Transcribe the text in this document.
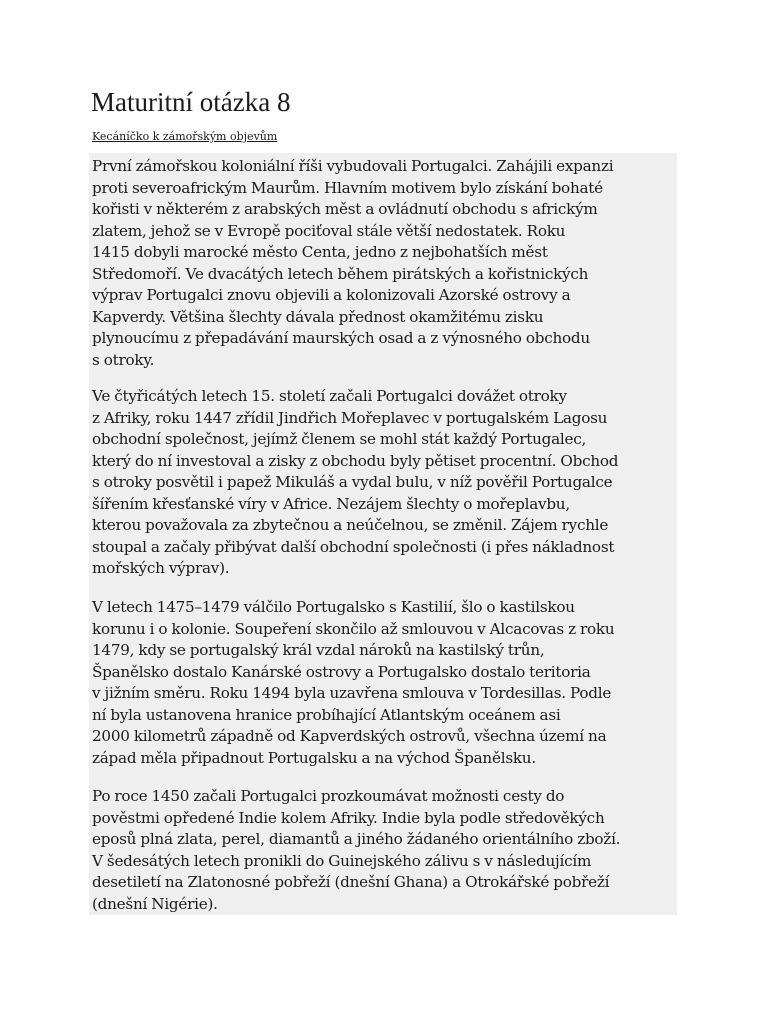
Maturitní otázka 8
Kecáníčko k zámořským objevům

První zámořskou koloniální říši vybudovali Portugalci. Zahájili expanzi
proti severoafrickým Maurům. Hlavním motivem bylo získání bohaté
kořisti v některém z arabských měst a ovládnutí obchodu s africkým
zlatem, jehož se v Evropě pociťoval stále větší nedostatek. Roku
1415 dobyli marocké město Centa, jedno z nejbohatších měst
Středomoří. Ve dvacátých letech během pirátských a kořistnických
výprav Portugalci znovu objevili a kolonizovali Azorské ostrovy a
Kapverdy. Většina šlechty dávala přednost okamžitému zisku
plynoucímu z přepadávání maurských osad a z výnosného obchodu
s otroky.

Ve čtyřicátých letech 15. století začali Portugalci dovážet otroky
z Afriky, roku 1447 zřídil Jindřich Mořeplavec v portugalském Lagosu
obchodní společnost, jejímž členem se mohl stát každý Portugalec,
který do ní investoval a zisky z obchodu byly pětiset procentní. Obchod
s otroky posvětil i papež Mikuláš a vydal bulu, v níž pověřil Portugalce
šířením křesťanské víry v Africe. Nezájem šlechty o mořeplavbu,
kterou považovala za zbytečnou a neúčelnou, se změnil. Zájem rychle
stoupal a začaly přibývat další obchodní společnosti (i přes nákladnost
mořských výprav).

V letech 1475–1479 válčilo Portugalsko s Kastilií, šlo o kastilskou
korunu i o kolonie. Soupeření skončilo až smlouvou v Alcacovas z roku
1479, kdy se portugalský král vzdal nároků na kastilský trůn,
Španělsko dostalo Kanárské ostrovy a Portugalsko dostalo teritoria
v jižním směru. Roku 1494 byla uzavřena smlouva v Tordesillas. Podle
ní byla ustanovena hranice probíhající Atlantským oceánem asi
2000 kilometrů západně od Kapverdských ostrovů, všechna území na
západ měla připadnout Portugalsku a na východ Španělsku.

Po roce 1450 začali Portugalci prozkoumávat možnosti cesty do
pověstmi opředené Indie kolem Afriky. Indie byla podle středověkých
eposů plná zlata, perel, diamantů a jiného žádaného orientálního zboží.
V šedesátých letech pronikli do Guinejského zálivu s v následujícím
desetiletí na Zlatonosné pobřeží (dnešní Ghana) a Otrokářské pobřeží
(dnešní Nigérie).
